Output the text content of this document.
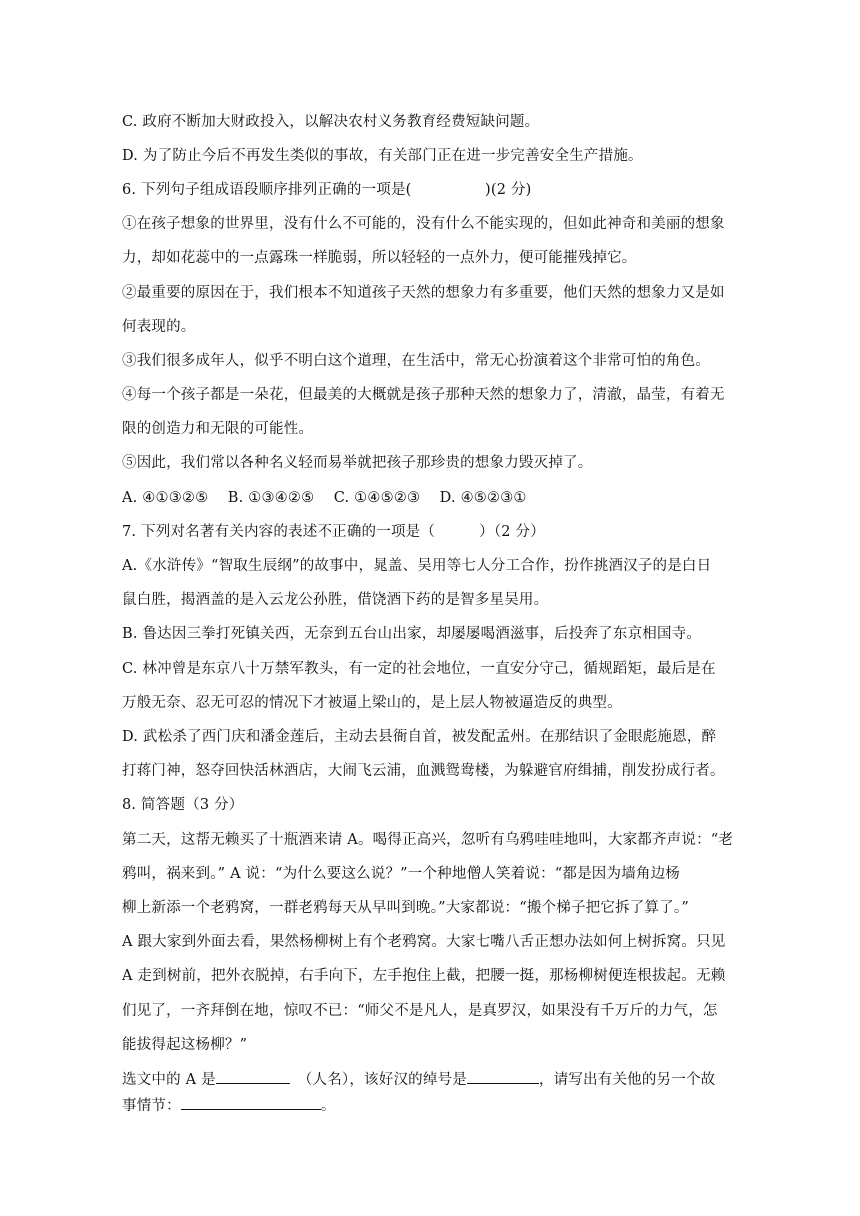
C. 政府不断加大财政投入，以解决农村义务教育经费短缺问题。
D. 为了防止今后不再发生类似的事故，有关部门正在进一步完善安全生产措施。
6. 下列句子组成语段顺序排列正确的一项是(　　　　　)(2 分)
①在孩子想象的世界里，没有什么不可能的，没有什么不能实现的，但如此神奇和美丽的想象
力，却如花蕊中的一点露珠一样脆弱，所以轻轻的一点外力，便可能摧残掉它。
②最重要的原因在于，我们根本不知道孩子天然的想象力有多重要，他们天然的想象力又是如
何表现的。
③我们很多成年人，似乎不明白这个道理，在生活中，常无心扮演着这个非常可怕的角色。
④每一个孩子都是一朵花，但最美的大概就是孩子那种天然的想象力了，清澈，晶莹，有着无
限的创造力和无限的可能性。
⑤因此，我们常以各种名义轻而易举就把孩子那珍贵的想象力毁灭掉了。
A. ④①③②⑤　 B. ①③④②⑤　 C. ①④⑤②③　 D. ④⑤②③①
7. 下列对名著有关内容的表述不正确的一项是（　　　）（2 分）
A.《水浒传》“智取生辰纲”的故事中，晁盖、吴用等七人分工合作，扮作挑酒汉子的是白日
鼠白胜，揭酒盖的是入云龙公孙胜，借饶酒下药的是智多星吴用。
B. 鲁达因三拳打死镇关西，无奈到五台山出家，却屡屡喝酒滋事，后投奔了东京相国寺。
C. 林冲曾是东京八十万禁军教头，有一定的社会地位，一直安分守己，循规蹈矩，最后是在
万般无奈、忍无可忍的情况下才被逼上梁山的，是上层人物被逼造反的典型。
D. 武松杀了西门庆和潘金莲后，主动去县衙自首，被发配孟州。在那结识了金眼彪施恩，醉
打蒋门神，怒夺回快活林酒店，大闹飞云浦，血溅鸳鸯楼，为躲避官府缉捕，削发扮成行者。
8. 简答题（3 分）
第二天，这帮无赖买了十瓶酒来请 A。喝得正高兴，忽听有乌鸦哇哇地叫，大家都齐声说：“老
鸦叫，祸来到。” A 说：“为什么要这么说？”一个种地僧人笑着说：“都是因为墙角边杨
柳上新添一个老鸦窝，一群老鸦每天从早叫到晚。”大家都说：“搬个梯子把它拆了算了。”
A 跟大家到外面去看，果然杨柳树上有个老鸦窝。大家七嘴八舌正想办法如何上树拆窝。只见
A 走到树前，把外衣脱掉，右手向下，左手抱住上截，把腰一挺，那杨柳树便连根拔起。无赖
们见了，一齐拜倒在地，惊叹不已：“师父不是凡人，是真罗汉，如果没有千万斤的力气，怎
能拔得起这杨柳？”
选文中的 A 是	（人名），该好汉的绰号是	，请写出有关他的另一个故
事情节：	。
